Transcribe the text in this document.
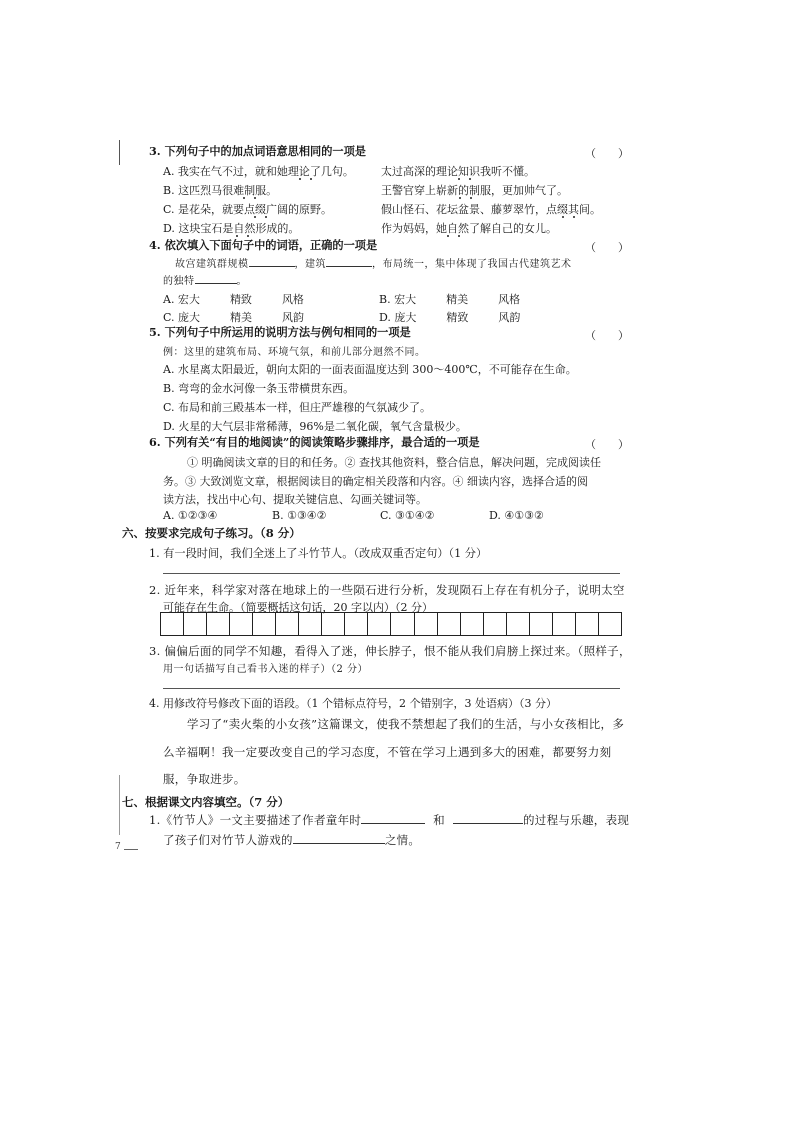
3. 下列句子中的加点词语意思相同的一项是	（　　）
A. 我实在气不过，就和她理论了几句。 太过高深的理论知识我听不懂。
B. 这匹烈马很难制服。	王警官穿上崭新的制服，更加帅气了。
C. 是花朵，就要点缀广阔的原野。	假山怪石、花坛盆景、藤萝翠竹，点缀其间。
D. 这块宝石是自然形成的。	作为妈妈，她自然了解自己的女儿。
4. 依次填入下面句子中的词语，正确的一项是	（　　）
故宫建筑群规模	，建筑	，布局统一，集中体现了我国古代建筑艺术
的独特	。
A. 宏大	精致	风格	B. 宏大	精美	风格
C. 庞大	精美	风韵	D. 庞大	精致	风韵
5. 下列句子中所运用的说明方法与例句相同的一项是	（　　）
例：这里的建筑布局、环境气氛，和前儿部分迥然不同。
A. 水星离太阳最近，朝向太阳的一面表面温度达到 300～400℃，不可能存在生命。
B. 弯弯的金水河像一条玉带横贯东西。
C. 布局和前三殿基本一样，但庄严雄穆的气氛减少了。
D. 火星的大气层非常稀薄，96%是二氧化碳，氧气含量极少。
6. 下列有关“有目的地阅读”的阅读策略步骤排序，最合适的一项是	（　　）
① 明确阅读文章的目的和任务。② 查找其他资料，整合信息，解决问题，完成阅读任
务。③ 大致浏览文章，根据阅读目的确定相关段落和内容。④ 细读内容，选择合适的阅
读方法，找出中心句、提取关键信息、勾画关键词等。
A. ①②③④	B. ①③④②	C. ③①④②	D. ④①③②
六、按要求完成句子练习。（8 分）
1. 有一段时间，我们全迷上了斗竹节人。（改成双重否定句）（1 分）
2. 近年来，科学家对落在地球上的一些陨石进行分析，发现陨石上存在有机分子，说明太空
可能存在生命。（简要概括这句话，20 字以内）（2 分）
3. 偏偏后面的同学不知趣，看得入了迷，伸长脖子，恨不能从我们肩膀上探过来。（照样子，
用一句话描写自己看书入迷的样子）（2 分）
4. 用修改符号修改下面的语段。（1 个错标点符号，2 个错别字，3 处语病）（3 分）
学习了“卖火柴的小女孩”这篇课文，使我不禁想起了我们的生活，与小女孩相比，多
么辛福啊！我一定要改变自己的学习态度，不管在学习上遇到多大的困难，都要努力刻
服，争取进步。
七、根据课文内容填空。（7 分）
1.《竹节人》一文主要描述了作者童年时	和	的过程与乐趣，表现
了孩子们对竹节人游戏的	之情。
7
